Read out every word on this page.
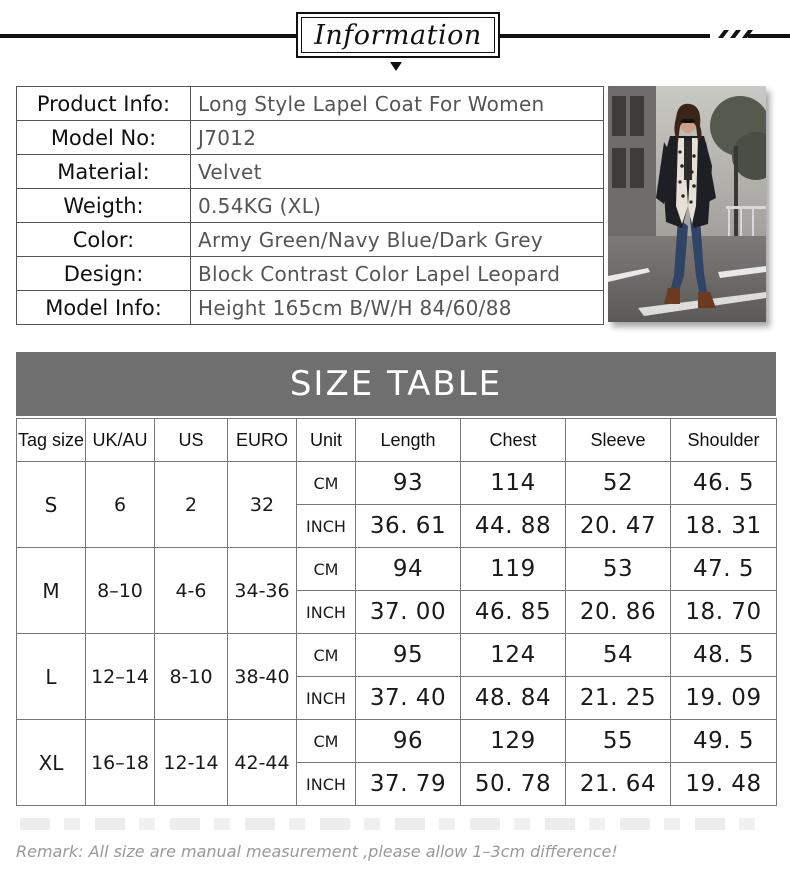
Information
Product Info:	Long Style Lapel Coat For Women
Model No:	J7012
Material:	Velvet
Weigth:	0.54KG (XL)
Color:	Army Green/Navy Blue/Dark Grey
Design:	Block Contrast Color Lapel Leopard
Model Info:	Height 165cm B/W/H 84/60/88
SIZE TABLE
Tag size	UK/AU	US	EURO	Unit	Length	Chest	Sleeve	Shoulder
S	6	2	32	CM	93	114	52	46. 5
				INCH	36. 61	44. 88	20. 47	18. 31
M	8–10	4-6	34-36	CM	94	119	53	47. 5
				INCH	37. 00	46. 85	20. 86	18. 70
L	12–14	8-10	38-40	CM	95	124	54	48. 5
				INCH	37. 40	48. 84	21. 25	19. 09
XL	16–18	12-14	42-44	CM	96	129	55	49. 5
				INCH	37. 79	50. 78	21. 64	19. 48
Remark: All size are manual measurement ,please allow 1–3cm difference!
